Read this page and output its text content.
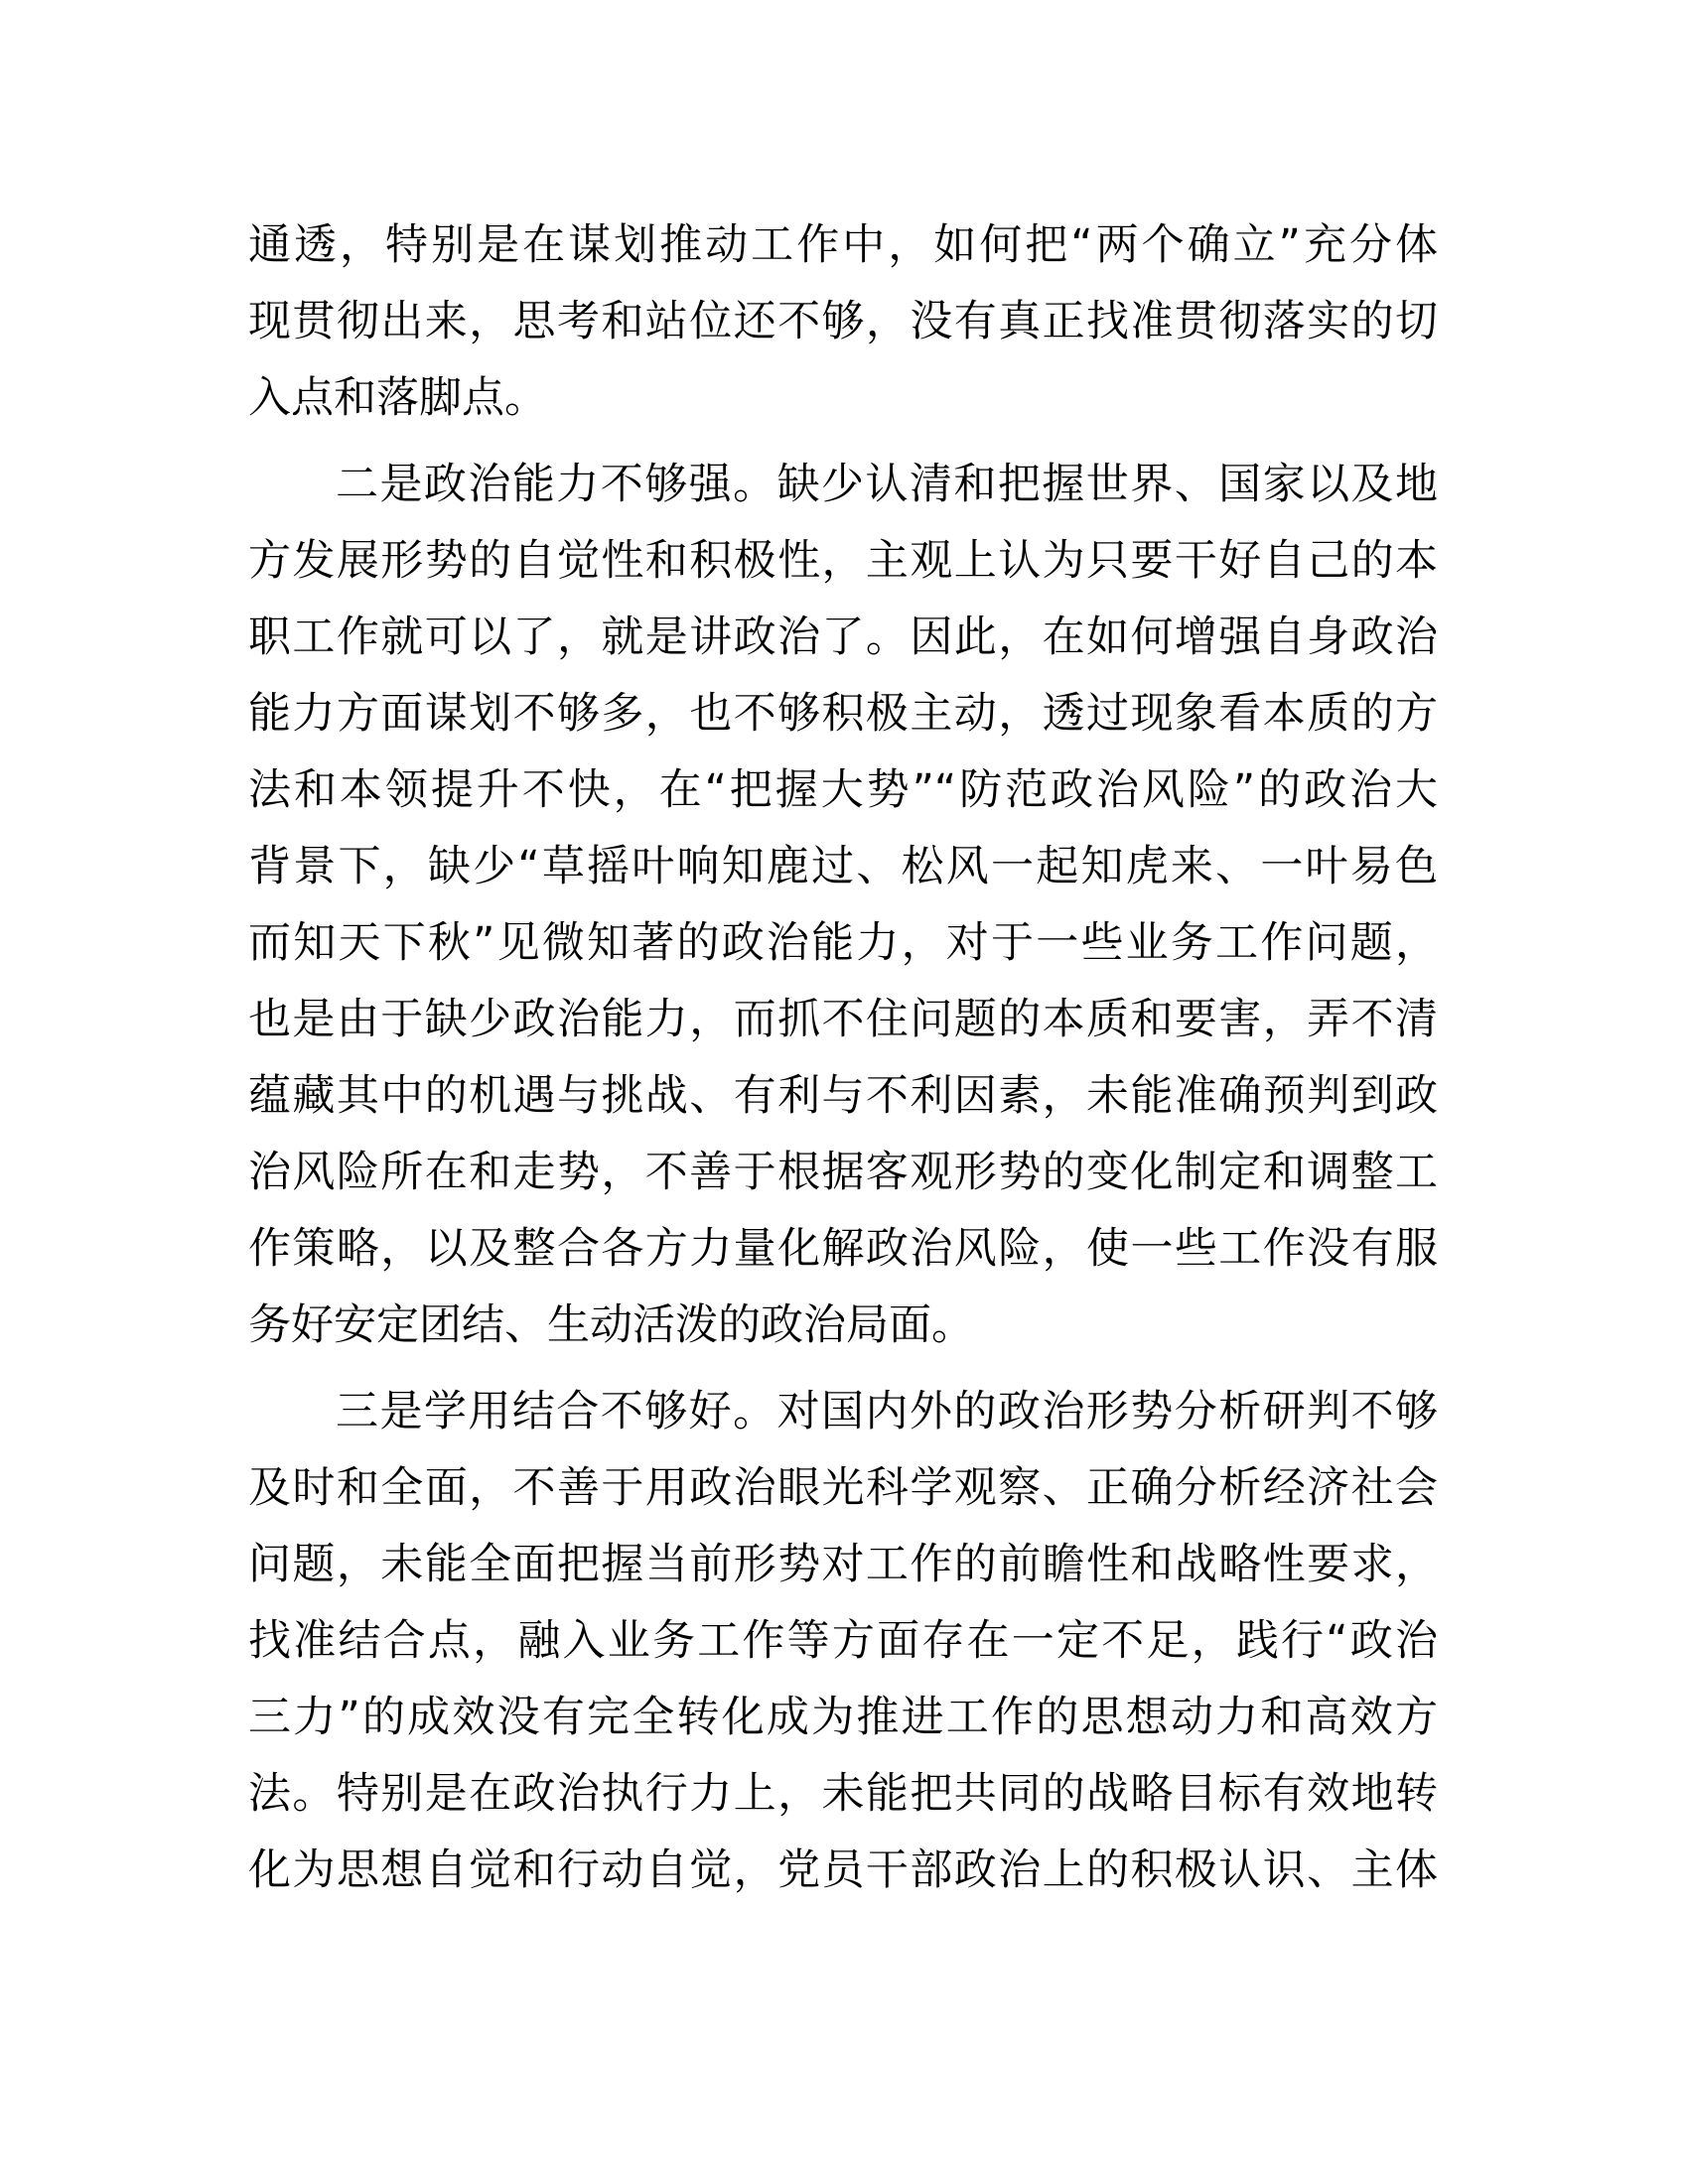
通透，特别是在谋划推动工作中，如何把“两个确立”充分体
现贯彻出来，思考和站位还不够，没有真正找准贯彻落实的切
入点和落脚点。

二是政治能力不够强。缺少认清和把握世界、国家以及地
方发展形势的自觉性和积极性，主观上认为只要干好自己的本
职工作就可以了，就是讲政治了。因此，在如何增强自身政治
能力方面谋划不够多，也不够积极主动，透过现象看本质的方
法和本领提升不快，在“把握大势”“防范政治风险”的政治大
背景下，缺少“草摇叶响知鹿过、松风一起知虎来、一叶易色
而知天下秋”见微知著的政治能力，对于一些业务工作问题，
也是由于缺少政治能力，而抓不住问题的本质和要害，弄不清
蕴藏其中的机遇与挑战、有利与不利因素，未能准确预判到政
治风险所在和走势，不善于根据客观形势的变化制定和调整工
作策略，以及整合各方力量化解政治风险，使一些工作没有服
务好安定团结、生动活泼的政治局面。

三是学用结合不够好。对国内外的政治形势分析研判不够
及时和全面，不善于用政治眼光科学观察、正确分析经济社会
问题，未能全面把握当前形势对工作的前瞻性和战略性要求，
找准结合点，融入业务工作等方面存在一定不足，践行“政治
三力”的成效没有完全转化成为推进工作的思想动力和高效方
法。特别是在政治执行力上，未能把共同的战略目标有效地转
化为思想自觉和行动自觉，党员干部政治上的积极认识、主体
